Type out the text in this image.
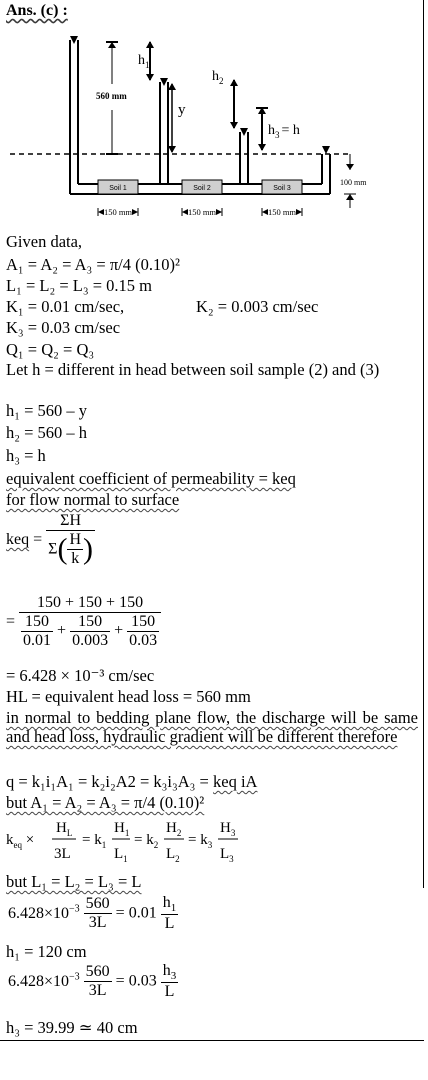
Ans. (c) :
Soil 1	Soil 2	Soil 3
560 mm
$h_1$
y
$h_2$
$h_3 = h$
100 mm
150 mm	150 mm	150 mm
Given data,
A₁ = A₂ = A₃ = π/4 (0.10)²
L₁ = L₂ = L₃ = 0.15 m
K₁ = 0.01 cm/sec,	K₂ = 0.003 cm/sec
K₃ = 0.03 cm/sec
Q₁ = Q₂ = Q₃
Let h = different in head between soil sample (2) and (3)
h₁ = 560 – y
h₂ = 560 – h
h₃ = h
equivalent coefficient of permeability = keq
for flow normal to surface
keq = $\frac{\Sigma H}{\Sigma( \frac{H}{k} )}$
= $\frac{150 + 150 + 150}{\frac{150}{0.01} + \frac{150}{0.003} + \frac{150}{0.03}}$
= 6.428 × 10⁻³ cm/sec
HL = equivalent head loss = 560 mm
in normal to bedding plane flow, the discharge will be same and head loss, hydraulic gradient will be different therefore
q = k₁i₁A₁ = k₂i₂A2 = k₃i₃A₃ = keq iA
but A₁ = A₂ = A₃ = π/4 (0.10)²
$k_{eq}$ ×
$H_L$
3L
= $k_1$
$H_1$
$L_1$
= $k_2$
$H_2$
$L_2$
= $k_3$
$H_3$
$L_3$
but L₁ = L₂ = L₃ = L
$6.428\times 10^{-3} \frac{560}{3L} = 0.01 \frac{h_1}{L}$
h₁ = 120 cm
$6.428\times 10^{-3} \frac{560}{3L} = 0.03 \frac{h_3}{L}$
h₃ = 39.99 ≃ 40 cm
